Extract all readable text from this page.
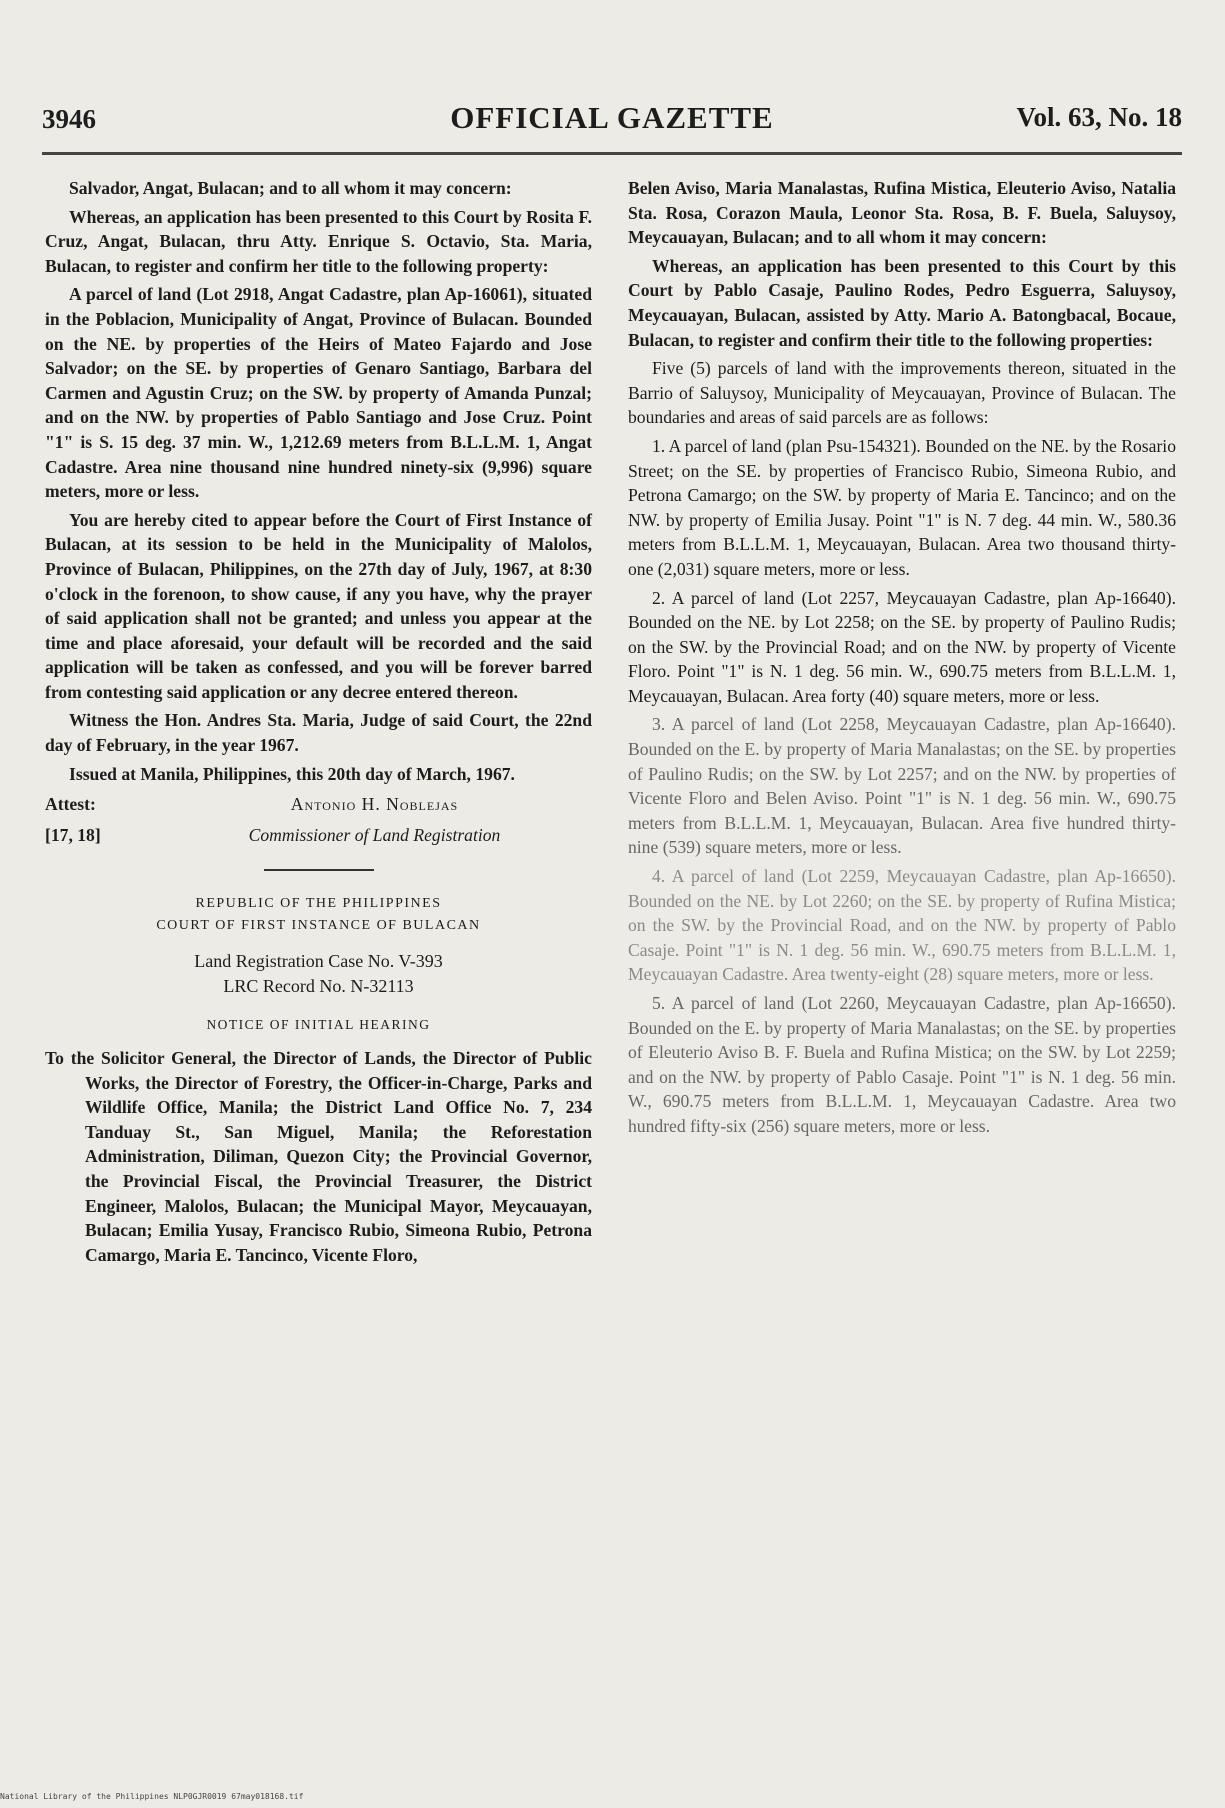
3946	OFFICIAL GAZETTE	Vol. 63, No. 18

Salvador, Angat, Bulacan; and to all whom it may concern:

Whereas, an application has been presented to this Court by Rosita F. Cruz, Angat, Bulacan, thru Atty. Enrique S. Octavio, Sta. Maria, Bulacan, to register and confirm her title to the following property:

A parcel of land (Lot 2918, Angat Cadastre, plan Ap-16061), situated in the Poblacion, Municipality of Angat, Province of Bulacan. Bounded on the NE. by properties of the Heirs of Mateo Fajardo and Jose Salvador; on the SE. by properties of Genaro Santiago, Barbara del Carmen and Agustin Cruz; on the SW. by property of Amanda Punzal; and on the NW. by properties of Pablo Santiago and Jose Cruz. Point "1" is S. 15 deg. 37 min. W., 1,212.69 meters from B.L.L.M. 1, Angat Cadastre. Area nine thousand nine hundred ninety-six (9,996) square meters, more or less.

You are hereby cited to appear before the Court of First Instance of Bulacan, at its session to be held in the Municipality of Malolos, Province of Bulacan, Philippines, on the 27th day of July, 1967, at 8:30 o'clock in the forenoon, to show cause, if any you have, why the prayer of said application shall not be granted; and unless you appear at the time and place aforesaid, your default will be recorded and the said application will be taken as confessed, and you will be forever barred from contesting said application or any decree entered thereon.

Witness the Hon. Andres Sta. Maria, Judge of said Court, the 22nd day of February, in the year 1967.

Issued at Manila, Philippines, this 20th day of March, 1967.

Attest:	Antonio H. Noblejas
[17, 18]	Commissioner of Land Registration
REPUBLIC OF THE PHILIPPINES
COURT OF FIRST INSTANCE OF BULACAN
Land Registration Case No. V-393
LRC Record No. N-32113
NOTICE OF INITIAL HEARING

To the Solicitor General, the Director of Lands, the Director of Public Works, the Director of Forestry, the Officer-in-Charge, Parks and Wildlife Office, Manila; the District Land Office No. 7, 234 Tanduay St., San Miguel, Manila; the Reforestation Administration, Diliman, Quezon City; the Provincial Governor, the Provincial Fiscal, the Provincial Treasurer, the District Engineer, Malolos, Bulacan; the Municipal Mayor, Meycauayan, Bulacan; Emilia Yusay, Francisco Rubio, Simeona Rubio, Petrona Camargo, Maria E. Tancinco, Vicente Floro,

Belen Aviso, Maria Manalastas, Rufina Mistica, Eleuterio Aviso, Natalia Sta. Rosa, Corazon Maula, Leonor Sta. Rosa, B. F. Buela, Saluysoy, Meycauayan, Bulacan; and to all whom it may concern:

Whereas, an application has been presented to this Court by this Court by Pablo Casaje, Paulino Rodes, Pedro Esguerra, Saluysoy, Meycauayan, Bulacan, assisted by Atty. Mario A. Batongbacal, Bocaue, Bulacan, to register and confirm their title to the following properties:

Five (5) parcels of land with the improvements thereon, situated in the Barrio of Saluysoy, Municipality of Meycauayan, Province of Bulacan. The boundaries and areas of said parcels are as follows:

1. A parcel of land (plan Psu-154321). Bounded on the NE. by the Rosario Street; on the SE. by properties of Francisco Rubio, Simeona Rubio, and Petrona Camargo; on the SW. by property of Maria E. Tancinco; and on the NW. by property of Emilia Jusay. Point "1" is N. 7 deg. 44 min. W., 580.36 meters from B.L.L.M. 1, Meycauayan, Bulacan. Area two thousand thirty-one (2,031) square meters, more or less.

2. A parcel of land (Lot 2257, Meycauayan Cadastre, plan Ap-16640). Bounded on the NE. by Lot 2258; on the SE. by property of Paulino Rudis; on the SW. by the Provincial Road; and on the NW. by property of Vicente Floro. Point "1" is N. 1 deg. 56 min. W., 690.75 meters from B.L.L.M. 1, Meycauayan, Bulacan. Area forty (40) square meters, more or less.

3. A parcel of land (Lot 2258, Meycauayan Cadastre, plan Ap-16640). Bounded on the E. by property of Maria Manalastas; on the SE. by properties of Paulino Rudis; on the SW. by Lot 2257; and on the NW. by properties of Vicente Floro and Belen Aviso. Point "1" is N. 1 deg. 56 min. W., 690.75 meters from B.L.L.M. 1, Meycauayan, Bulacan. Area five hundred thirty-nine (539) square meters, more or less.

4. A parcel of land (Lot 2259, Meycauayan Cadastre, plan Ap-16650). Bounded on the NE. by Lot 2260; on the SE. by property of Rufina Mistica; on the SW. by the Provincial Road, and on the NW. by property of Pablo Casaje. Point "1" is N. 1 deg. 56 min. W., 690.75 meters from B.L.L.M. 1, Meycauayan Cadastre. Area twenty-eight (28) square meters, more or less.

5. A parcel of land (Lot 2260, Meycauayan Cadastre, plan Ap-16650). Bounded on the E. by property of Maria Manalastas; on the SE. by properties of Eleuterio Aviso B. F. Buela and Rufina Mistica; on the SW. by Lot 2259; and on the NW. by property of Pablo Casaje. Point "1" is N. 1 deg. 56 min. W., 690.75 meters from B.L.L.M. 1, Meycauayan Cadastre. Area two hundred fifty-six (256) square meters, more or less.

National Library of the Philippines NLP0GJR0019 67may018168.tif
